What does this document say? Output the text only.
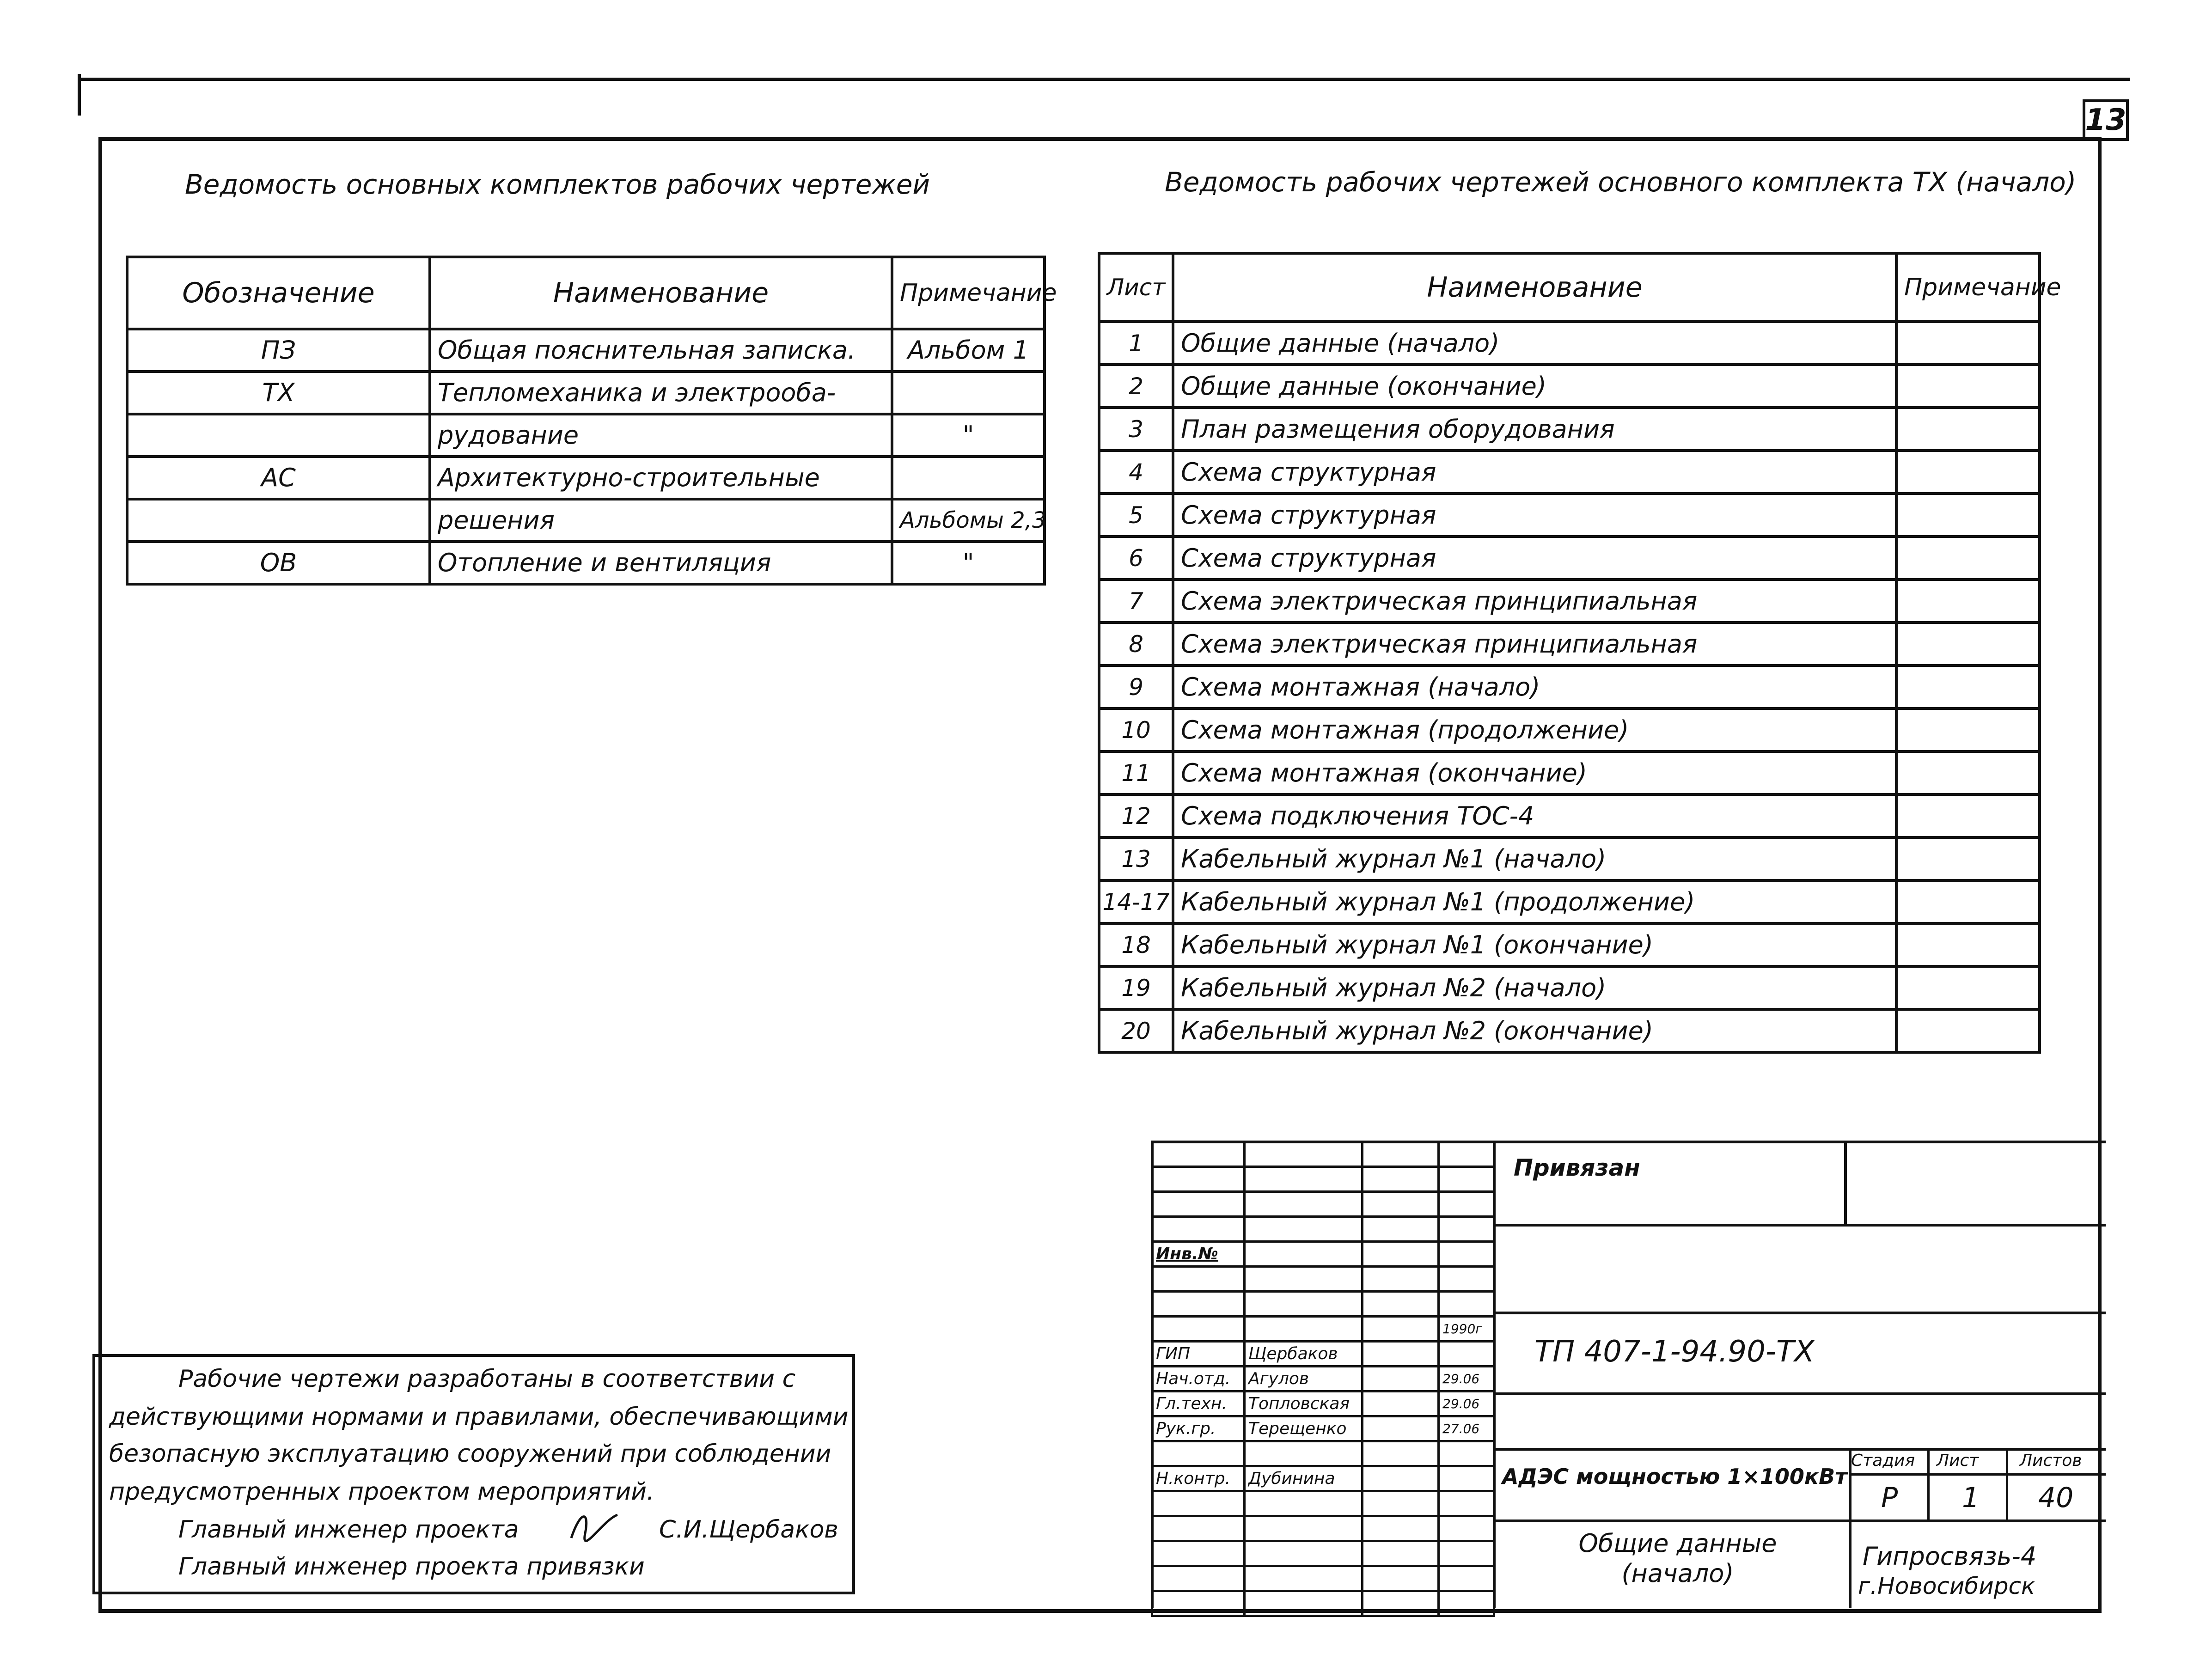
13
Ведомость основных комплектов рабочих чертежей
Обозначение	Наименование	Примечание
ПЗ	Общая пояснительная записка.	Альбом 1
ТХ	Тепломеханика и электрооба-	
	рудование	"
АС	Архитектурно-строительные	
	решения	Альбомы 2,3
ОВ	Отопление и вентиляция	"
Ведомость рабочих чертежей основного комплекта ТХ (начало)
Лист	Наименование	Примечание
1	Общие данные (начало)	
2	Общие данные (окончание)	
3	План размещения оборудования	
4	Схема структурная	
5	Схема структурная	
6	Схема структурная	
7	Схема электрическая принципиальная	
8	Схема электрическая принципиальная	
9	Схема монтажная (начало)	
10	Схема монтажная (продолжение)	
11	Схема монтажная (окончание)	
12	Схема подключения ТОС-4	
13	Кабельный журнал №1 (начало)	
14-17	Кабельный журнал №1 (продолжение)	
18	Кабельный журнал №1 (окончание)	
19	Кабельный журнал №2 (начало)	
20	Кабельный журнал №2 (окончание)	
Рабочие чертежи разработаны в соответствии с
действующими нормами и правилами, обеспечивающими
безопасную эксплуатацию сооружений при соблюдении
предусмотренных проектом мероприятий.
Главный инженер проекта	С.И.Щербаков
Главный инженер проекта привязки

Инв.№			

			1990г
ГИП	Щербаков		
Нач.отд.	Агулов		29.06
Гл.техн.	Топловская		29.06
Рук.гр.	Терещенко		27.06

Н.контр.	Дубинина		

Привязан
ТП 407-1-94.90-ТХ
АДЭС мощностью 1×100кВт
Общие данные (начало)
Стадия Лист Листов
Р 1 40
Гипросвязь-4
г.Новосибирск
